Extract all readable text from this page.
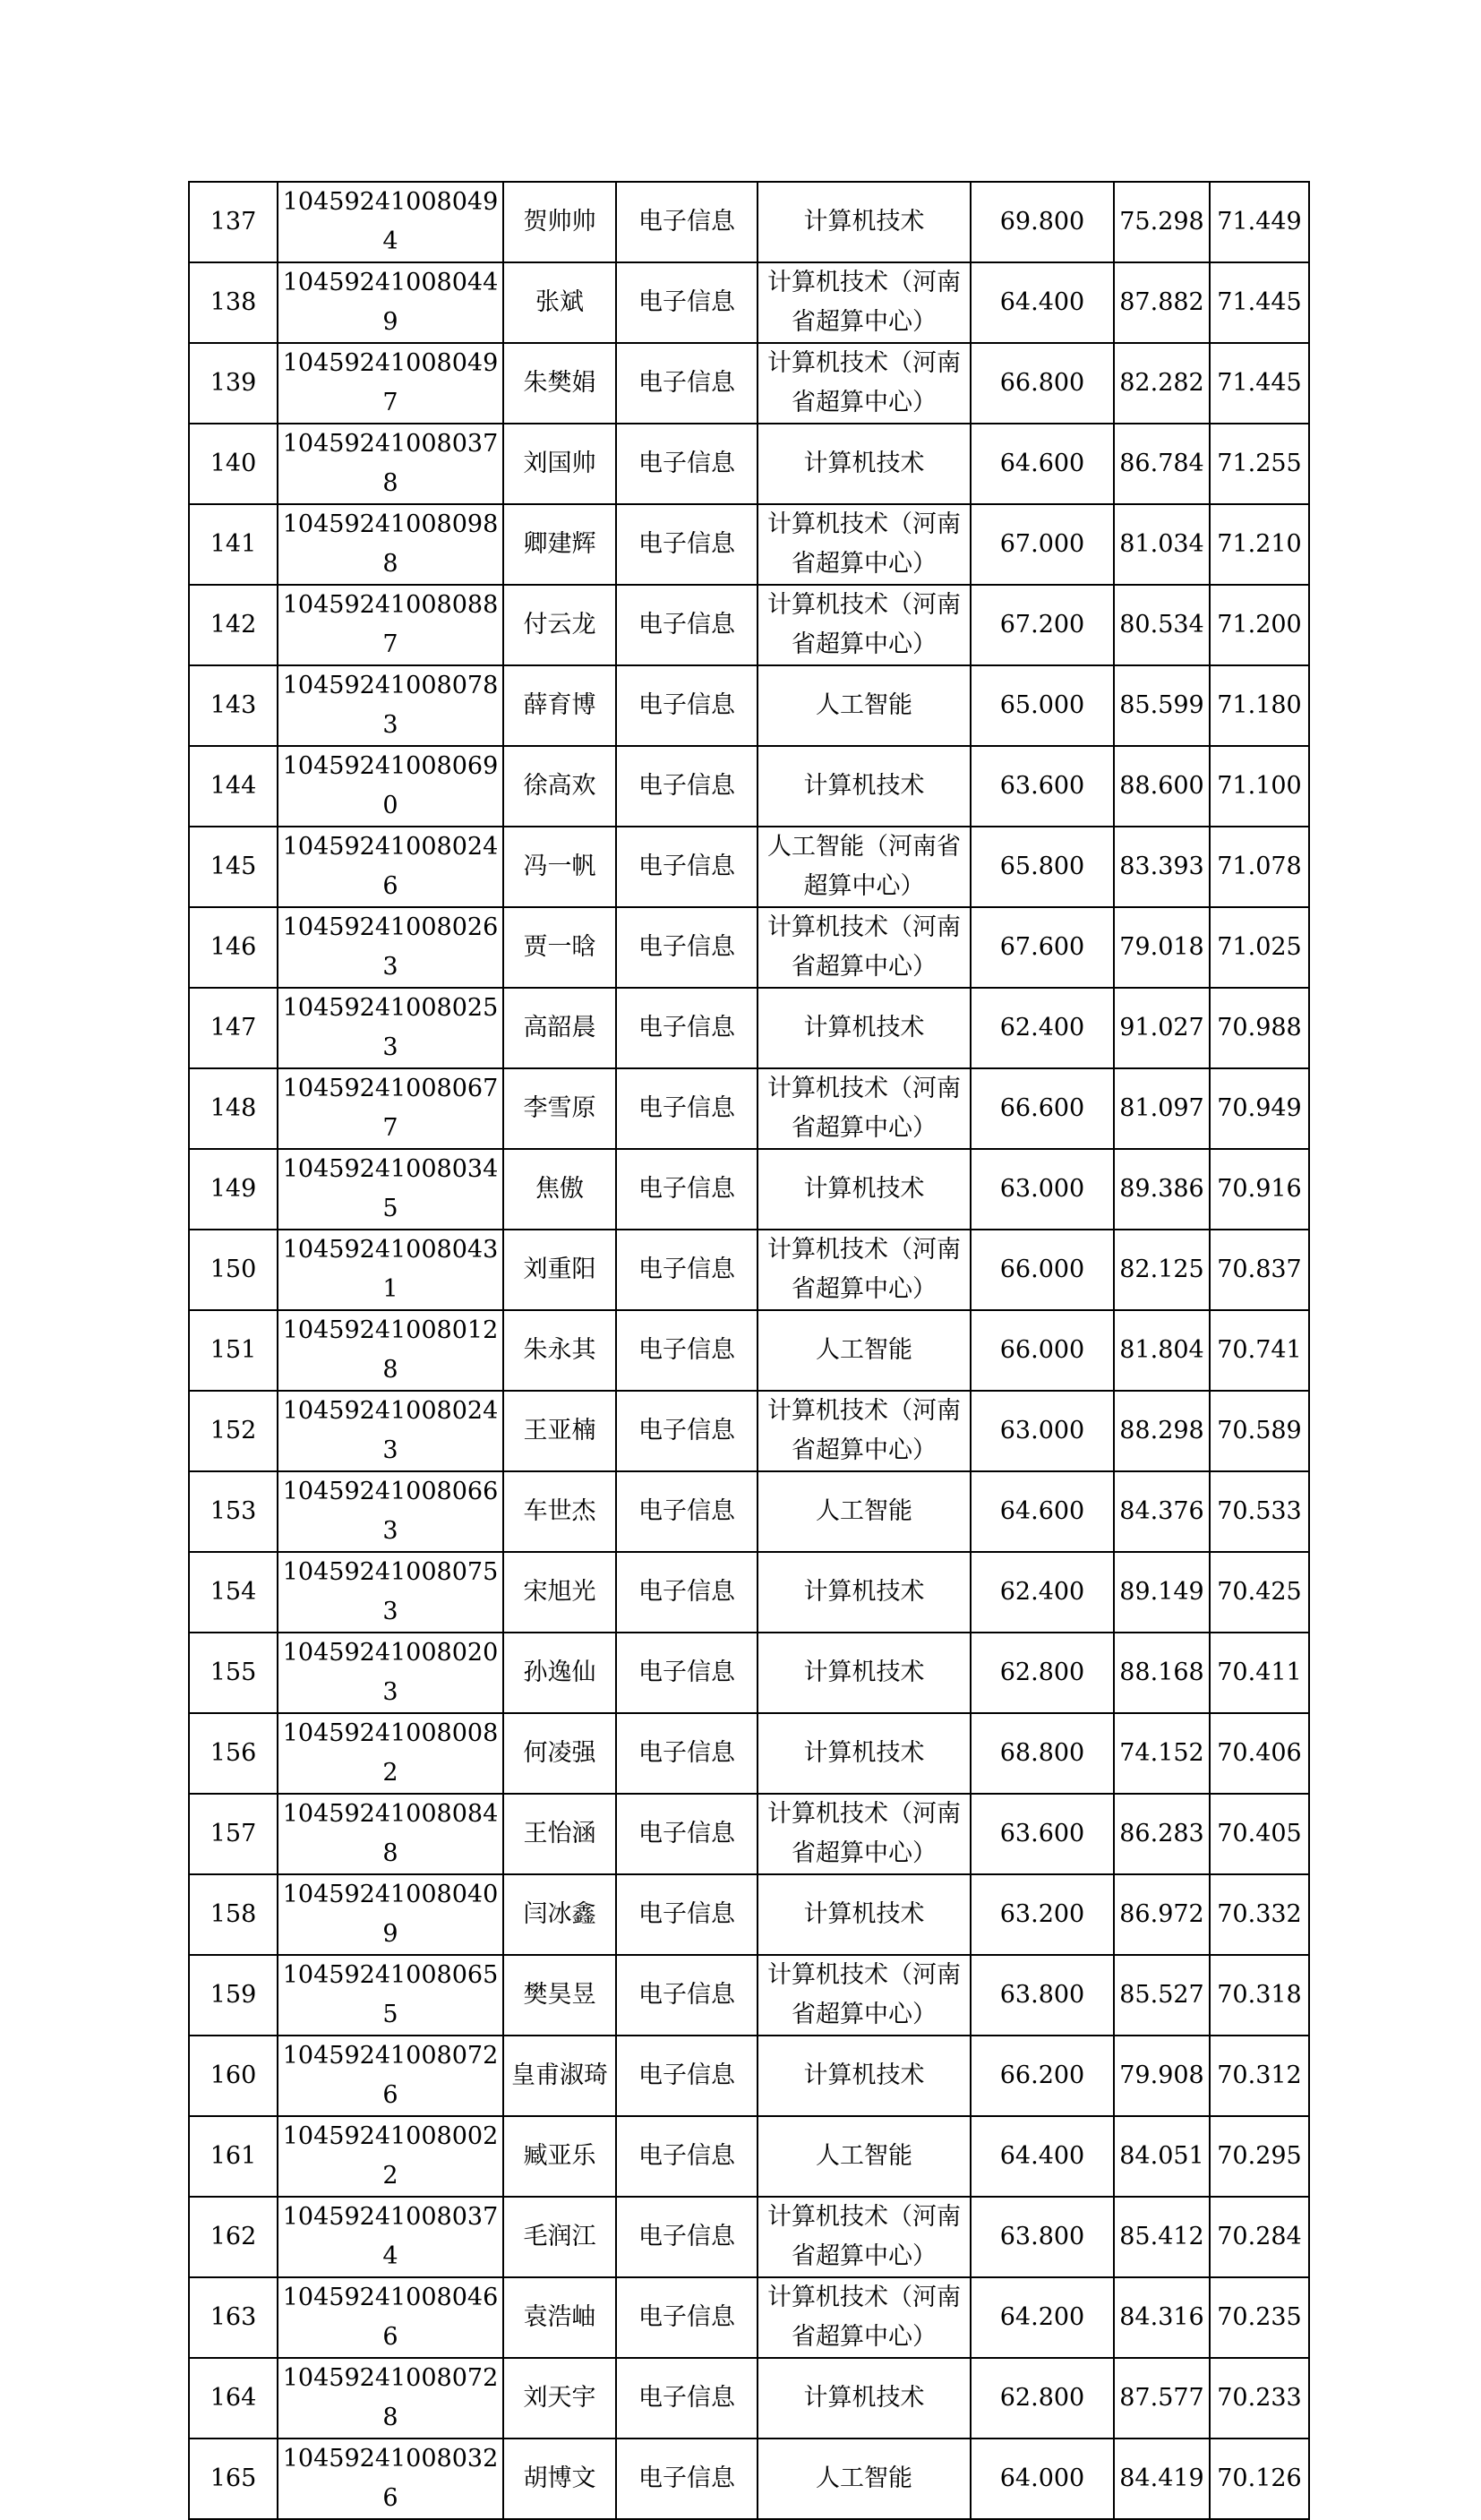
137	104592410080494	贺帅帅	电子信息	计算机技术	69.800	75.298	71.449
138	104592410080449	张斌	电子信息	计算机技术（河南省超算中心）	64.400	87.882	71.445
139	104592410080497	朱樊娟	电子信息	计算机技术（河南省超算中心）	66.800	82.282	71.445
140	104592410080378	刘国帅	电子信息	计算机技术	64.600	86.784	71.255
141	104592410080988	卿建辉	电子信息	计算机技术（河南省超算中心）	67.000	81.034	71.210
142	104592410080887	付云龙	电子信息	计算机技术（河南省超算中心）	67.200	80.534	71.200
143	104592410080783	薛育博	电子信息	人工智能	65.000	85.599	71.180
144	104592410080690	徐高欢	电子信息	计算机技术	63.600	88.600	71.100
145	104592410080246	冯一帆	电子信息	人工智能（河南省超算中心）	65.800	83.393	71.078
146	104592410080263	贾一晗	电子信息	计算机技术（河南省超算中心）	67.600	79.018	71.025
147	104592410080253	高韶晨	电子信息	计算机技术	62.400	91.027	70.988
148	104592410080677	李雪原	电子信息	计算机技术（河南省超算中心）	66.600	81.097	70.949
149	104592410080345	焦傲	电子信息	计算机技术	63.000	89.386	70.916
150	104592410080431	刘重阳	电子信息	计算机技术（河南省超算中心）	66.000	82.125	70.837
151	104592410080128	朱永其	电子信息	人工智能	66.000	81.804	70.741
152	104592410080243	王亚楠	电子信息	计算机技术（河南省超算中心）	63.000	88.298	70.589
153	104592410080663	车世杰	电子信息	人工智能	64.600	84.376	70.533
154	104592410080753	宋旭光	电子信息	计算机技术	62.400	89.149	70.425
155	104592410080203	孙逸仙	电子信息	计算机技术	62.800	88.168	70.411
156	104592410080082	何凌强	电子信息	计算机技术	68.800	74.152	70.406
157	104592410080848	王怡涵	电子信息	计算机技术（河南省超算中心）	63.600	86.283	70.405
158	104592410080409	闫冰鑫	电子信息	计算机技术	63.200	86.972	70.332
159	104592410080655	樊昊昱	电子信息	计算机技术（河南省超算中心）	63.800	85.527	70.318
160	104592410080726	皇甫淑琦	电子信息	计算机技术	66.200	79.908	70.312
161	104592410080022	臧亚乐	电子信息	人工智能	64.400	84.051	70.295
162	104592410080374	毛润江	电子信息	计算机技术（河南省超算中心）	63.800	85.412	70.284
163	104592410080466	袁浩岫	电子信息	计算机技术（河南省超算中心）	64.200	84.316	70.235
164	104592410080728	刘天宇	电子信息	计算机技术	62.800	87.577	70.233
165	104592410080326	胡博文	电子信息	人工智能	64.000	84.419	70.126
